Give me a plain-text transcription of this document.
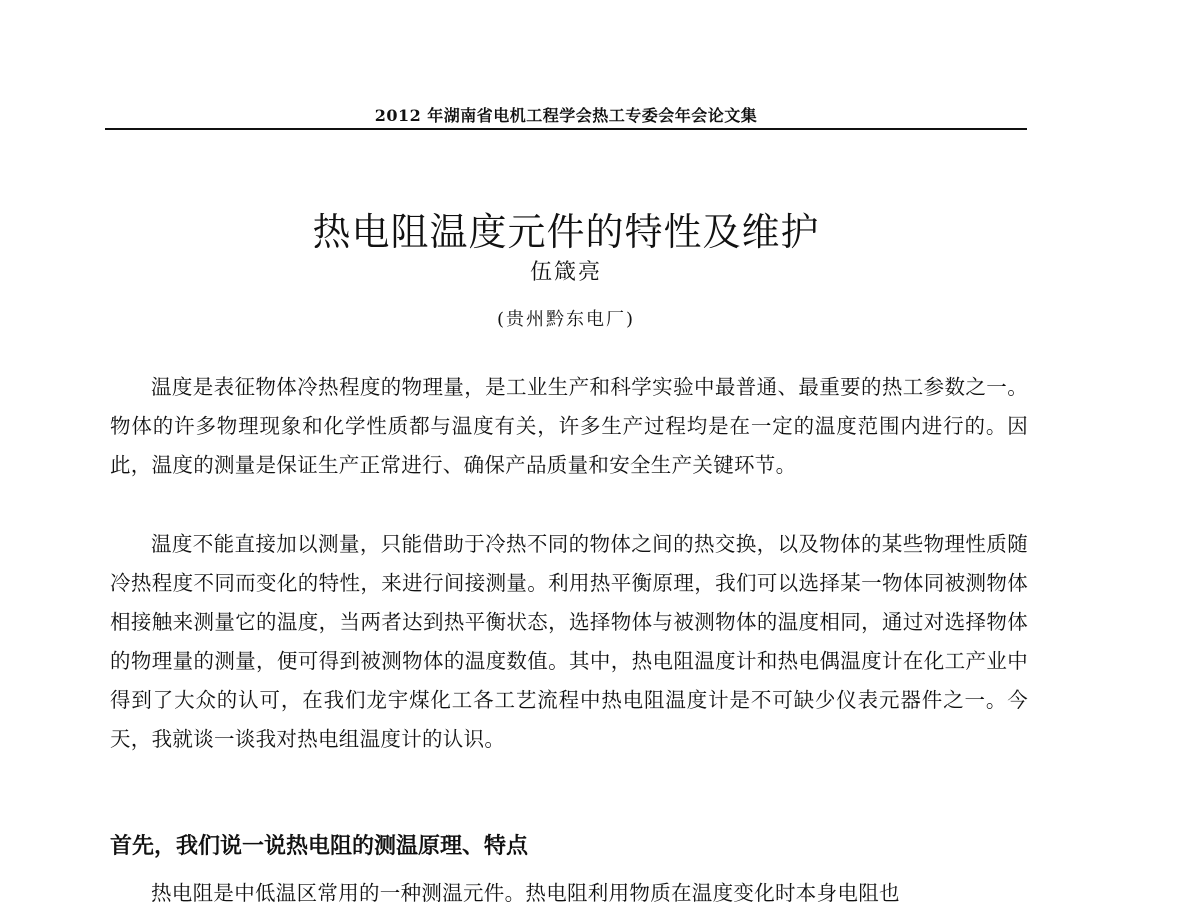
2012 年湖南省电机工程学会热工专委会年会论文集
热电阻温度元件的特性及维护
伍箴亮
(贵州黔东电厂)

温度是表征物体冷热程度的物理量，是工业生产和科学实验中最普通、最重要的热工参数之一。物体的许多物理现象和化学性质都与温度有关，许多生产过程均是在一定的温度范围内进行的。因此，温度的测量是保证生产正常进行、确保产品质量和安全生产关键环节。

温度不能直接加以测量，只能借助于冷热不同的物体之间的热交换，以及物体的某些物理性质随冷热程度不同而变化的特性，来进行间接测量。利用热平衡原理，我们可以选择某一物体同被测物体相接触来测量它的温度，当两者达到热平衡状态，选择物体与被测物体的温度相同，通过对选择物体的物理量的测量，便可得到被测物体的温度数值。其中，热电阻温度计和热电偶温度计在化工产业中得到了大众的认可，在我们龙宇煤化工各工艺流程中热电阻温度计是不可缺少仪表元器件之一。今天，我就谈一谈我对热电组温度计的认识。

首先，我们说一说热电阻的测温原理、特点

热电阻是中低温区常用的一种测温元件。热电阻利用物质在温度变化时本身电阻也
